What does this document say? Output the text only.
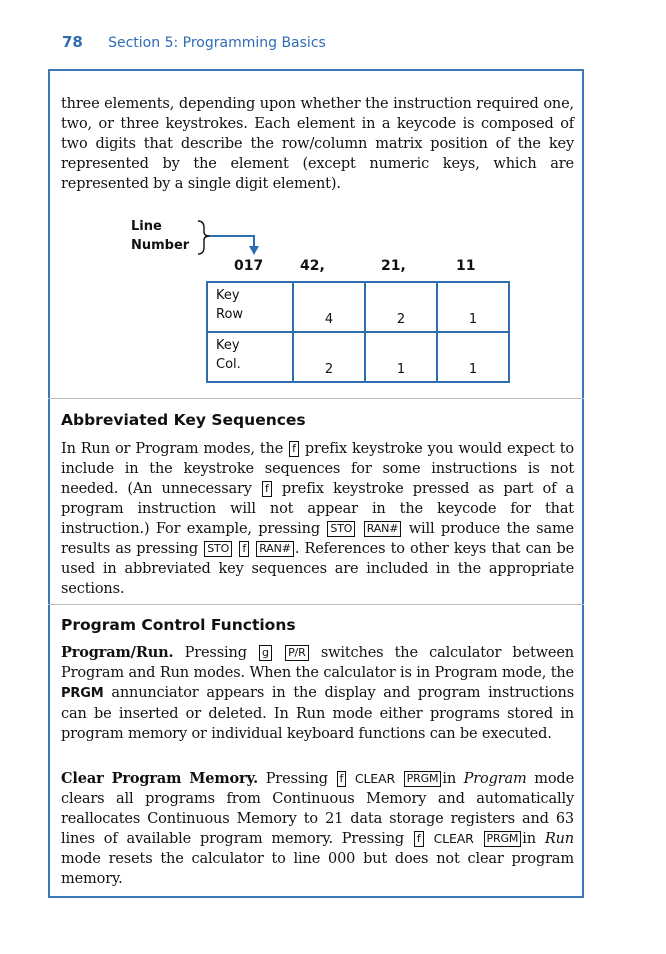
78 Section 5: Programming Basics

three elements, depending upon whether the instruction required one, two, or three keystrokes. Each element in a keycode is composed of two digits that describe the row/column matrix position of the key represented by the element (except numeric keys, which are represented by a single digit element).

Line
Number
017	42,	21,	11
Key
Row	4	2	1
Key
Col.	2	1	1
Abbreviated Key Sequences

In Run or Program modes, the f prefix keystroke you would expect to include in the keystroke sequences for some instructions is not needed. (An unnecessary f prefix keystroke pressed as part of a program instruction will not appear in the keycode for that instruction.) For example, pressing STO RAN# will produce the same results as pressing STO f RAN# . References to other keys that can be used in abbreviated key sequences are included in the appropriate sections.

Program Control Functions

Program/Run. Pressing g P/R switches the calculator between Program and Run modes. When the calculator is in Program mode, the PRGM annunciator appears in the display and program instructions can be inserted or deleted. In Run mode either programs stored in program memory or individual keyboard functions can be executed.

Clear Program Memory. Pressing f CLEAR PRGM in Program mode clears all programs from Continuous Memory and automatically reallocates Continuous Memory to 21 data storage registers and 63 lines of available program memory. Pressing f CLEAR PRGM in Run mode resets the calculator to line 000 but does not clear program memory.
